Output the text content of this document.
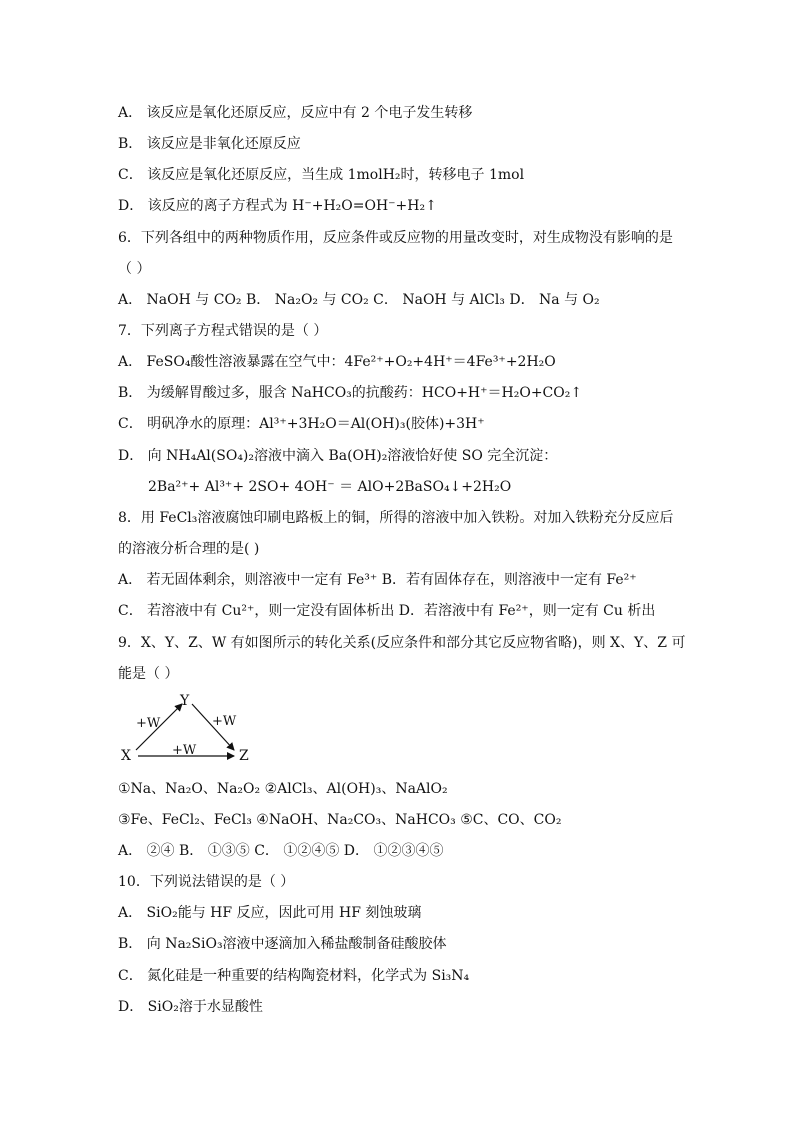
A． 该反应是氧化还原反应，反应中有 2 个电子发生转移
B． 该反应是非氧化还原反应
C． 该反应是氧化还原反应，当生成 1molH₂时，转移电子 1mol
D． 该反应的离子方程式为 H⁻+H₂O=OH⁻+H₂↑
6．下列各组中的两种物质作用，反应条件或反应物的用量改变时，对生成物没有影响的是
（ ）
A． NaOH 与 CO₂ B． Na₂O₂ 与 CO₂ C． NaOH 与 AlCl₃ D． Na 与 O₂
7．下列离子方程式错误的是（ ）
A． FeSO₄酸性溶液暴露在空气中：4Fe²⁺+O₂+4H⁺＝4Fe³⁺+2H₂O
B． 为缓解胃酸过多，服含 NaHCO₃的抗酸药：HCO+H⁺＝H₂O+CO₂↑
C． 明矾净水的原理：Al³⁺+3H₂O＝Al(OH)₃(胶体)+3H⁺
D． 向 NH₄Al(SO₄)₂溶液中滴入 Ba(OH)₂溶液恰好使 SO 完全沉淀：
2Ba²⁺+ Al³⁺+ 2SO+ 4OH⁻ ＝ AlO+2BaSO₄↓+2H₂O
8．用 FeCl₃溶液腐蚀印刷电路板上的铜，所得的溶液中加入铁粉。对加入铁粉充分反应后
的溶液分析合理的是( )
A． 若无固体剩余，则溶液中一定有 Fe³⁺ B．若有固体存在，则溶液中一定有 Fe²⁺
C． 若溶液中有 Cu²⁺，则一定没有固体析出 D．若溶液中有 Fe²⁺，则一定有 Cu 析出
9．X、Y、Z、W 有如图所示的转化关系(反应条件和部分其它反应物省略)，则 X、Y、Z 可
能是（ ）
Y
X	Z
+W	+W
+W
①Na、Na₂O、Na₂O₂ ②AlCl₃、Al(OH)₃、NaAlO₂
③Fe、FeCl₂、FeCl₃ ④NaOH、Na₂CO₃、NaHCO₃ ⑤C、CO、CO₂
A． ②④ B． ①③⑤ C． ①②④⑤ D． ①②③④⑤
10．下列说法错误的是（ ）
A． SiO₂能与 HF 反应，因此可用 HF 刻蚀玻璃
B． 向 Na₂SiO₃溶液中逐滴加入稀盐酸制备硅酸胶体
C． 氮化硅是一种重要的结构陶瓷材料，化学式为 Si₃N₄
D． SiO₂溶于水显酸性
